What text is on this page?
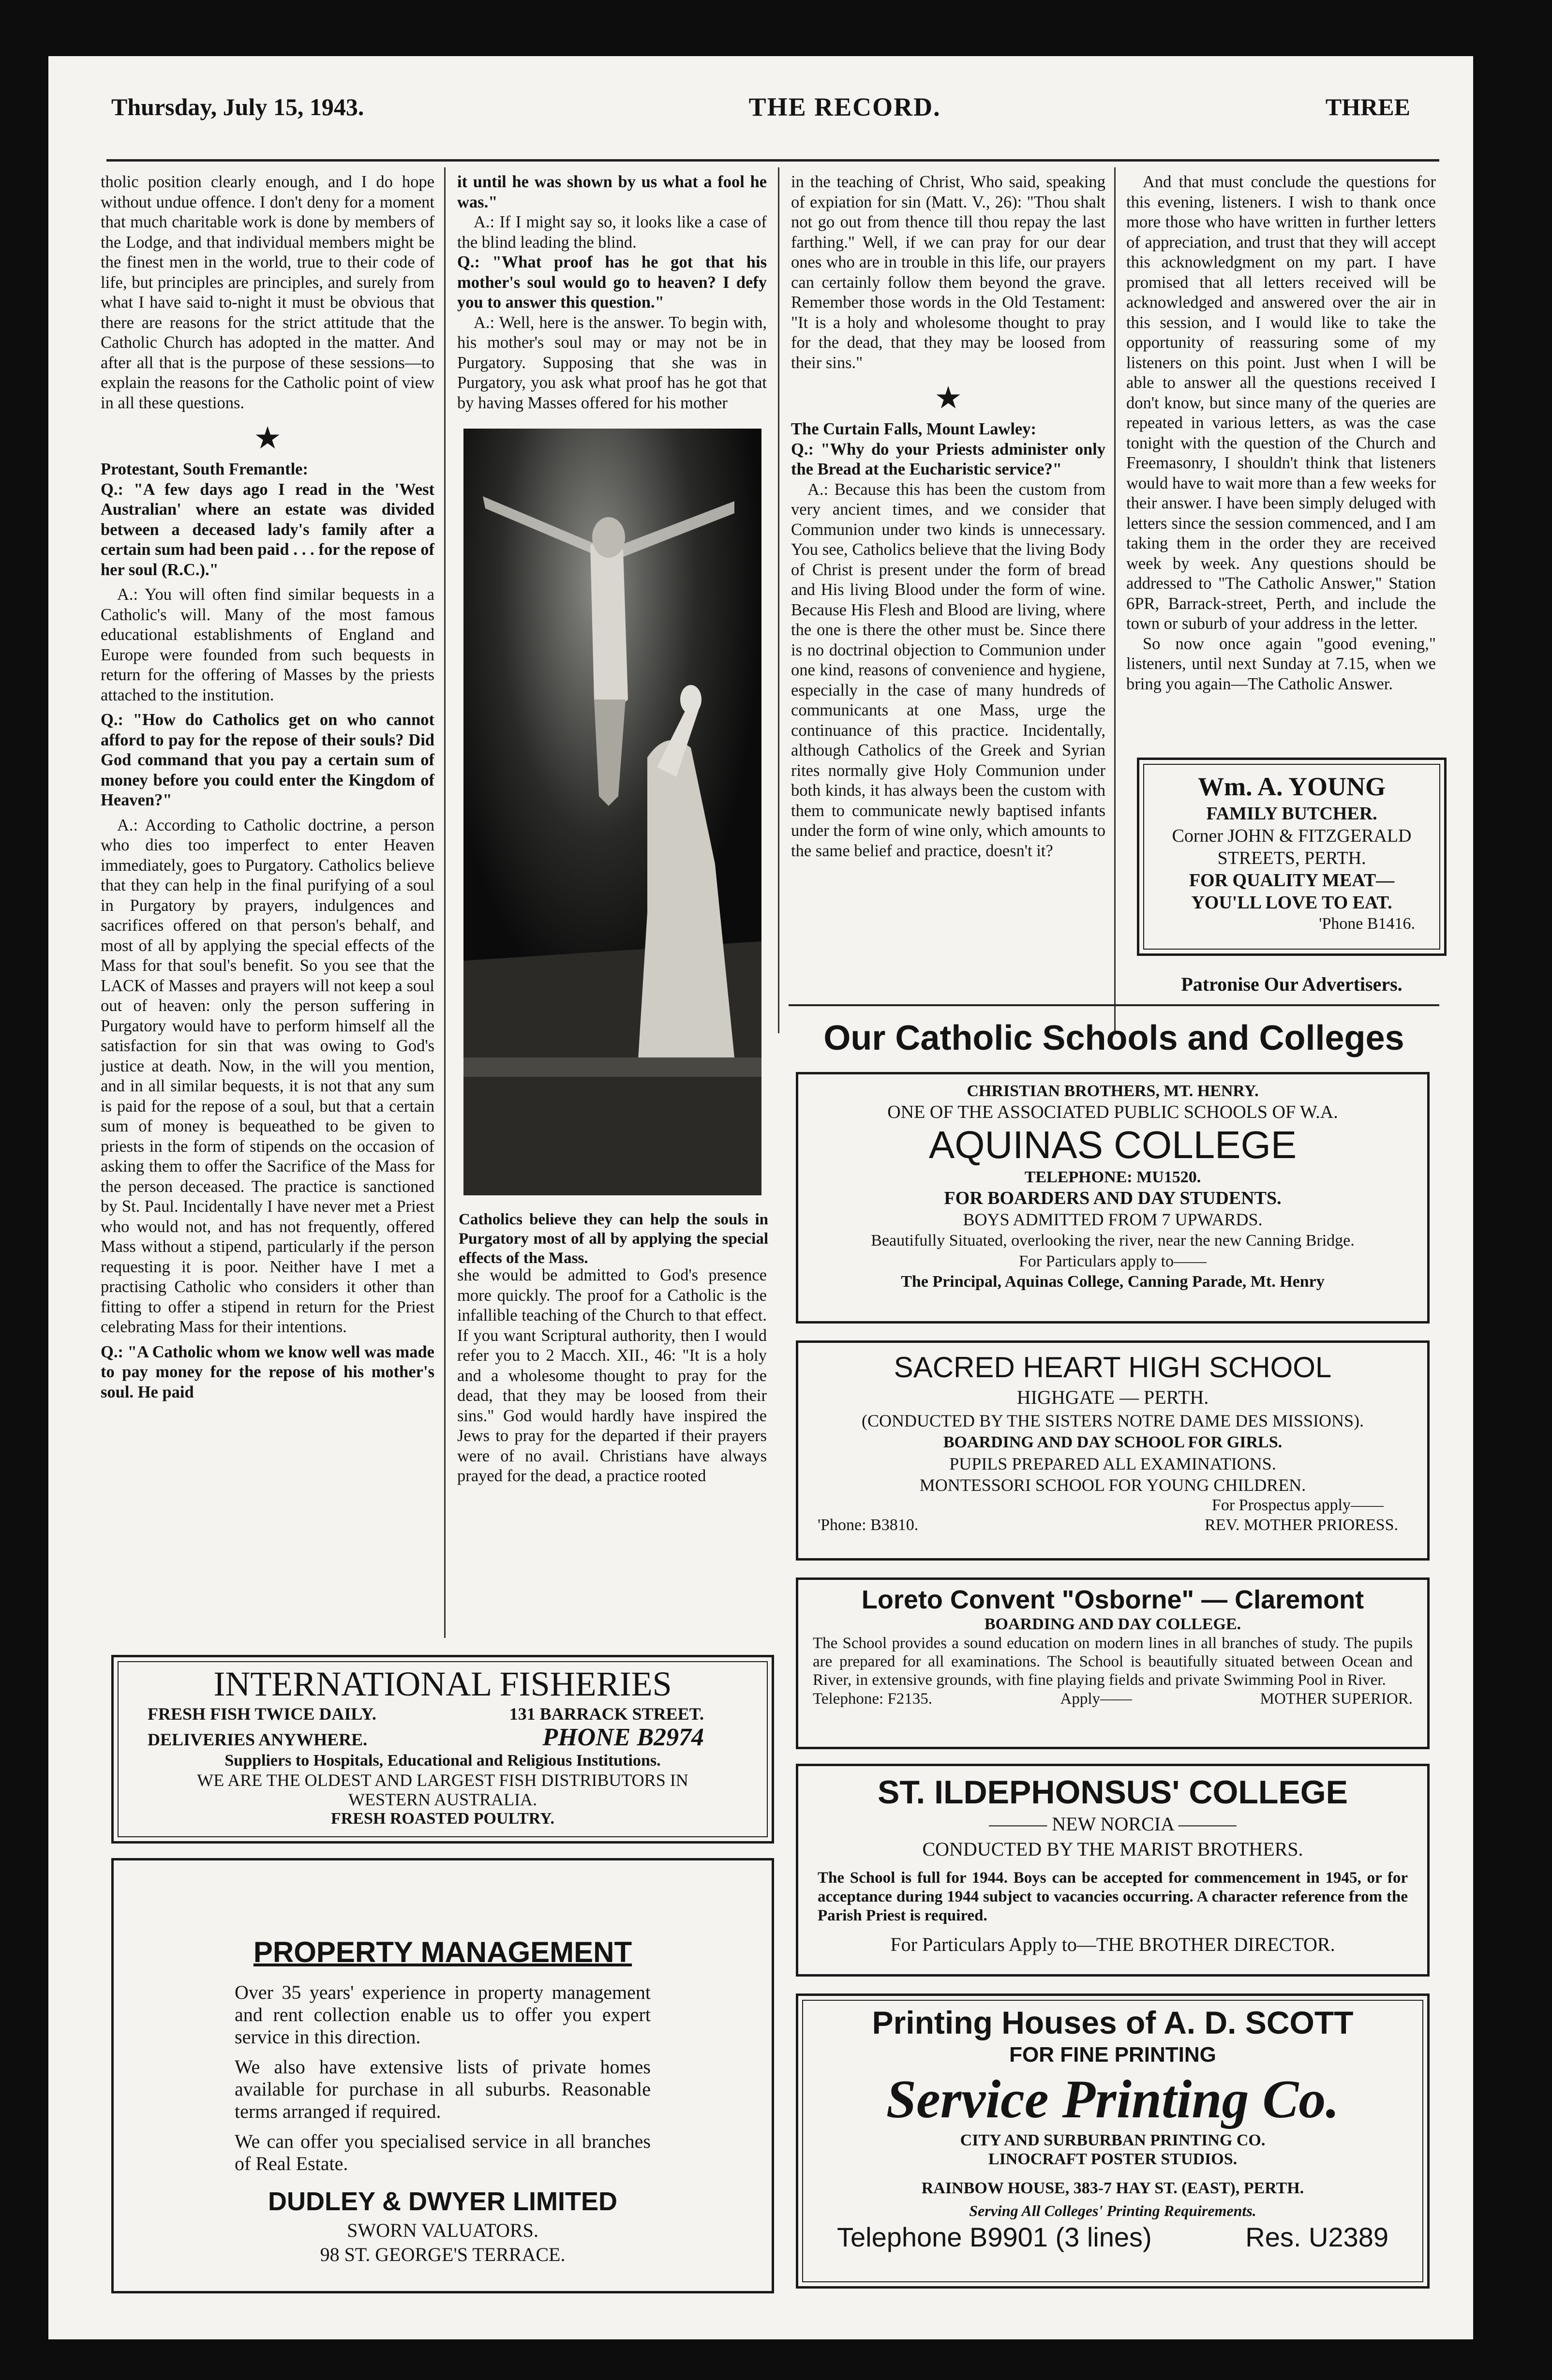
Thursday, July 15, 1943.	THE RECORD.	THREE

tholic position clearly enough, and I do hope without undue offence. I don't deny for a moment that much charitable work is done by members of the Lodge, and that individual members might be the finest men in the world, true to their code of life, but principles are principles, and surely from what I have said to-night it must be obvious that there are reasons for the strict attitude that the Catholic Church has adopted in the matter. And after all that is the purpose of these sessions—to explain the reasons for the Catholic point of view in all these questions.

★

Protestant, South Fremantle:

Q.: "A few days ago I read in the 'West Australian' where an estate was divided between a deceased lady's family after a certain sum had been paid . . . for the repose of her soul (R.C.)."

A.: You will often find similar bequests in a Catholic's will. Many of the most famous educational establishments of England and Europe were founded from such bequests in return for the offering of Masses by the priests attached to the institution.

Q.: "How do Catholics get on who cannot afford to pay for the repose of their souls? Did God command that you pay a certain sum of money before you could enter the Kingdom of Heaven?"

A.: According to Catholic doctrine, a person who dies too imperfect to enter Heaven immediately, goes to Purgatory. Catholics believe that they can help in the final purifying of a soul in Purgatory by prayers, indulgences and sacrifices offered on that person's behalf, and most of all by applying the special effects of the Mass for that soul's benefit. So you see that the LACK of Masses and prayers will not keep a soul out of heaven: only the person suffering in Purgatory would have to perform himself all the satisfaction for sin that was owing to God's justice at death. Now, in the will you mention, and in all similar bequests, it is not that any sum is paid for the repose of a soul, but that a certain sum of money is bequeathed to be given to priests in the form of stipends on the occasion of asking them to offer the Sacrifice of the Mass for the person deceased. The practice is sanctioned by St. Paul. Incidentally I have never met a Priest who would not, and has not frequently, offered Mass without a stipend, particularly if the person requesting it is poor. Neither have I met a practising Catholic who considers it other than fitting to offer a stipend in return for the Priest celebrating Mass for their intentions.

Q.: "A Catholic whom we know well was made to pay money for the repose of his mother's soul. He paid

it until he was shown by us what a fool he was."

A.: If I might say so, it looks like a case of the blind leading the blind.

Q.: "What proof has he got that his mother's soul would go to heaven? I defy you to answer this question."

A.: Well, here is the answer. To begin with, his mother's soul may or may not be in Purgatory. Supposing that she was in Purgatory, you ask what proof has he got that by having Masses offered for his mother

Catholics believe they can help the souls in Purgatory most of all by applying the special effects of the Mass.

she would be admitted to God's presence more quickly. The proof for a Catholic is the infallible teaching of the Church to that effect. If you want Scriptural authority, then I would refer you to 2 Macch. XII., 46: "It is a holy and a wholesome thought to pray for the dead, that they may be loosed from their sins." God would hardly have inspired the Jews to pray for the departed if their prayers were of no avail. Christians have always prayed for the dead, a practice rooted

in the teaching of Christ, Who said, speaking of expiation for sin (Matt. V., 26): "Thou shalt not go out from thence till thou repay the last farthing." Well, if we can pray for our dear ones who are in trouble in this life, our prayers can certainly follow them beyond the grave. Remember those words in the Old Testament: "It is a holy and wholesome thought to pray for the dead, that they may be loosed from their sins."

★

The Curtain Falls, Mount Lawley:

Q.: "Why do your Priests administer only the Bread at the Eucharistic service?"

A.: Because this has been the custom from very ancient times, and we consider that Communion under two kinds is unnecessary. You see, Catholics believe that the living Body of Christ is present under the form of bread and His living Blood under the form of wine. Because His Flesh and Blood are living, where the one is there the other must be. Since there is no doctrinal objection to Communion under one kind, reasons of convenience and hygiene, especially in the case of many hundreds of communicants at one Mass, urge the continuance of this practice. Incidentally, although Catholics of the Greek and Syrian rites normally give Holy Communion under both kinds, it has always been the custom with them to communicate newly baptised infants under the form of wine only, which amounts to the same belief and practice, doesn't it?

And that must conclude the questions for this evening, listeners. I wish to thank once more those who have written in further letters of appreciation, and trust that they will accept this acknowledgment on my part. I have promised that all letters received will be acknowledged and answered over the air in this session, and I would like to take the opportunity of reassuring some of my listeners on this point. Just when I will be able to answer all the questions received I don't know, but since many of the queries are repeated in various letters, as was the case tonight with the question of the Church and Freemasonry, I shouldn't think that listeners would have to wait more than a few weeks for their answer. I have been simply deluged with letters since the session commenced, and I am taking them in the order they are received week by week. Any questions should be addressed to "The Catholic Answer," Station 6PR, Barrack-street, Perth, and include the town or suburb of your address in the letter.

So now once again "good evening," listeners, until next Sunday at 7.15, when we bring you again—The Catholic Answer.

Wm. A. YOUNG
FAMILY BUTCHER.
Corner JOHN & FITZGERALD
STREETS, PERTH.
FOR QUALITY MEAT—
YOU'LL LOVE TO EAT.
'Phone B1416.
Patronise Our Advertisers.
Our Catholic Schools and Colleges
CHRISTIAN BROTHERS, MT. HENRY.
ONE OF THE ASSOCIATED PUBLIC SCHOOLS OF W.A.
AQUINAS COLLEGE
TELEPHONE: MU1520.
FOR BOARDERS AND DAY STUDENTS.
BOYS ADMITTED FROM 7 UPWARDS.
Beautifully Situated, overlooking the river, near the new Canning Bridge.
For Particulars apply to——
The Principal, Aquinas College, Canning Parade, Mt. Henry
SACRED HEART HIGH SCHOOL
HIGHGATE — PERTH.
(CONDUCTED BY THE SISTERS NOTRE DAME DES MISSIONS).
BOARDING AND DAY SCHOOL FOR GIRLS.
PUPILS PREPARED ALL EXAMINATIONS.
MONTESSORI SCHOOL FOR YOUNG CHILDREN.
For Prospectus apply——
'Phone: B3810.	REV. MOTHER PRIORESS.
Loreto Convent "Osborne" — Claremont
BOARDING AND DAY COLLEGE.
The School provides a sound education on modern lines in all branches of study. The pupils are prepared for all examinations. The School is beautifully situated between Ocean and River, in extensive grounds, with fine playing fields and private Swimming Pool in River.
Telephone: F2135.	Apply——	MOTHER SUPERIOR.
ST. ILDEPHONSUS' COLLEGE
——— NEW NORCIA ———
CONDUCTED BY THE MARIST BROTHERS.
The School is full for 1944. Boys can be accepted for commencement in 1945, or for acceptance during 1944 subject to vacancies occurring. A character reference from the Parish Priest is required.
For Particulars Apply to—THE BROTHER DIRECTOR.
Printing Houses of A. D. SCOTT
FOR FINE PRINTING
Service Printing Co.
CITY AND SURBURBAN PRINTING CO.
LINOCRAFT POSTER STUDIOS.
RAINBOW HOUSE, 383-7 HAY ST. (EAST), PERTH.
Serving All Colleges' Printing Requirements.
Telephone B9901 (3 lines)	Res. U2389
INTERNATIONAL FISHERIES
FRESH FISH TWICE DAILY.	131 BARRACK STREET.
DELIVERIES ANYWHERE.	PHONE B2974
Suppliers to Hospitals, Educational and Religious Institutions.
WE ARE THE OLDEST AND LARGEST FISH DISTRIBUTORS IN
WESTERN AUSTRALIA.
FRESH ROASTED POULTRY.
PROPERTY MANAGEMENT
Over 35 years' experience in property management and rent collection enable us to offer you expert service in this direction.
We also have extensive lists of private homes available for purchase in all suburbs. Reasonable terms arranged if required.
We can offer you specialised service in all branches of Real Estate.
DUDLEY & DWYER LIMITED
SWORN VALUATORS.
98 ST. GEORGE'S TERRACE.
